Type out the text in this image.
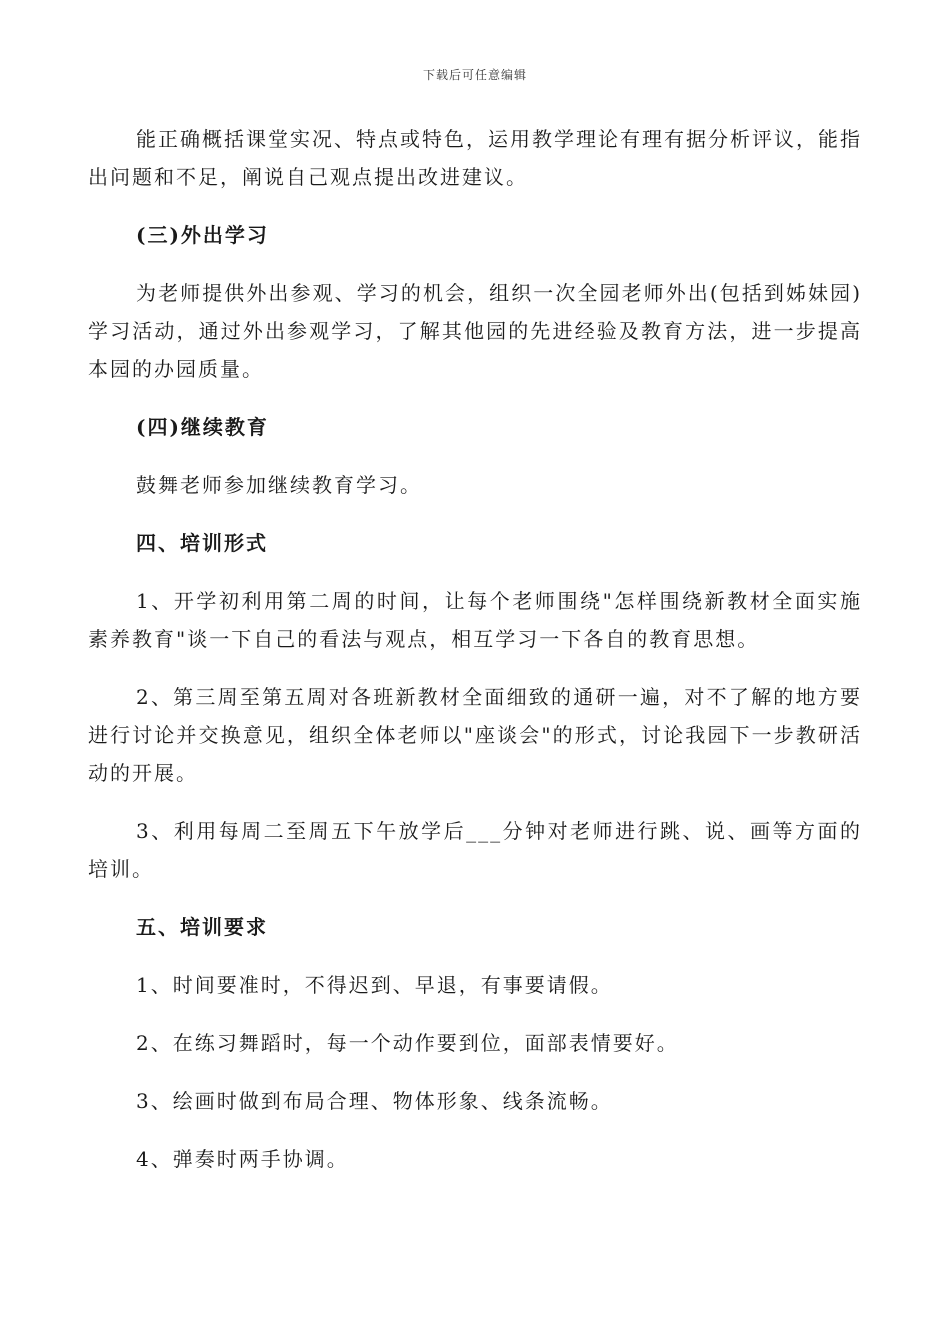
下载后可任意编辑

能正确概括课堂实况、特点或特色，运用教学理论有理有据分析评议，能指出问题和不足，阐说自己观点提出改进建议。

(三)外出学习

为老师提供外出参观、学习的机会，组织一次全园老师外出(包括到姊妹园)学习活动，通过外出参观学习，了解其他园的先进经验及教育方法，进一步提高本园的办园质量。

(四)继续教育

鼓舞老师参加继续教育学习。

四、培训形式

1、开学初利用第二周的时间，让每个老师围绕"怎样围绕新教材全面实施素养教育"谈一下自己的看法与观点，相互学习一下各自的教育思想。

2、第三周至第五周对各班新教材全面细致的通研一遍，对不了解的地方要进行讨论并交换意见，组织全体老师以"座谈会"的形式，讨论我园下一步教研活动的开展。

3、利用每周二至周五下午放学后___分钟对老师进行跳、说、画等方面的培训。

五、培训要求

1、时间要准时，不得迟到、早退，有事要请假。

2、在练习舞蹈时，每一个动作要到位，面部表情要好。

3、绘画时做到布局合理、物体形象、线条流畅。

4、弹奏时两手协调。
